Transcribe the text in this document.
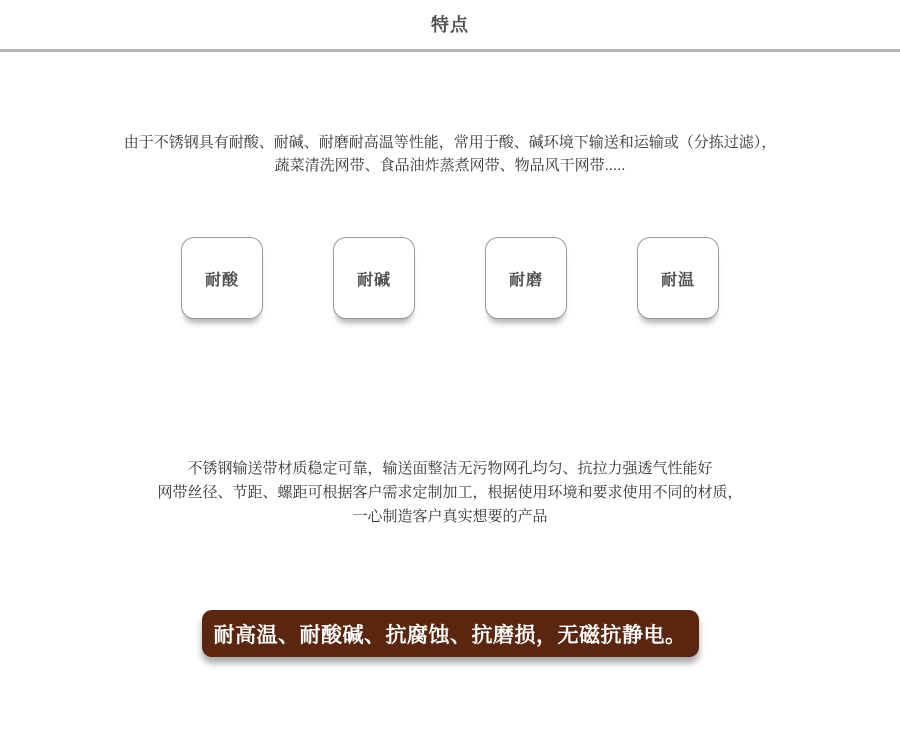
特点
由于不锈钢具有耐酸、耐碱、耐磨耐高温等性能，常用于酸、碱环境下输送和运输或（分拣过滤），
蔬菜清洗网带、食品油炸蒸煮网带、物品风干网带.....
耐酸	耐碱	耐磨	耐温
不锈钢输送带材质稳定可靠，输送面整洁无污物网孔均匀、抗拉力强透气性能好
网带丝径、节距、螺距可根据客户需求定制加工，根据使用环境和要求使用不同的材质，
一心制造客户真实想要的产品
耐高温、耐酸碱、抗腐蚀、抗磨损，无磁抗静电。
